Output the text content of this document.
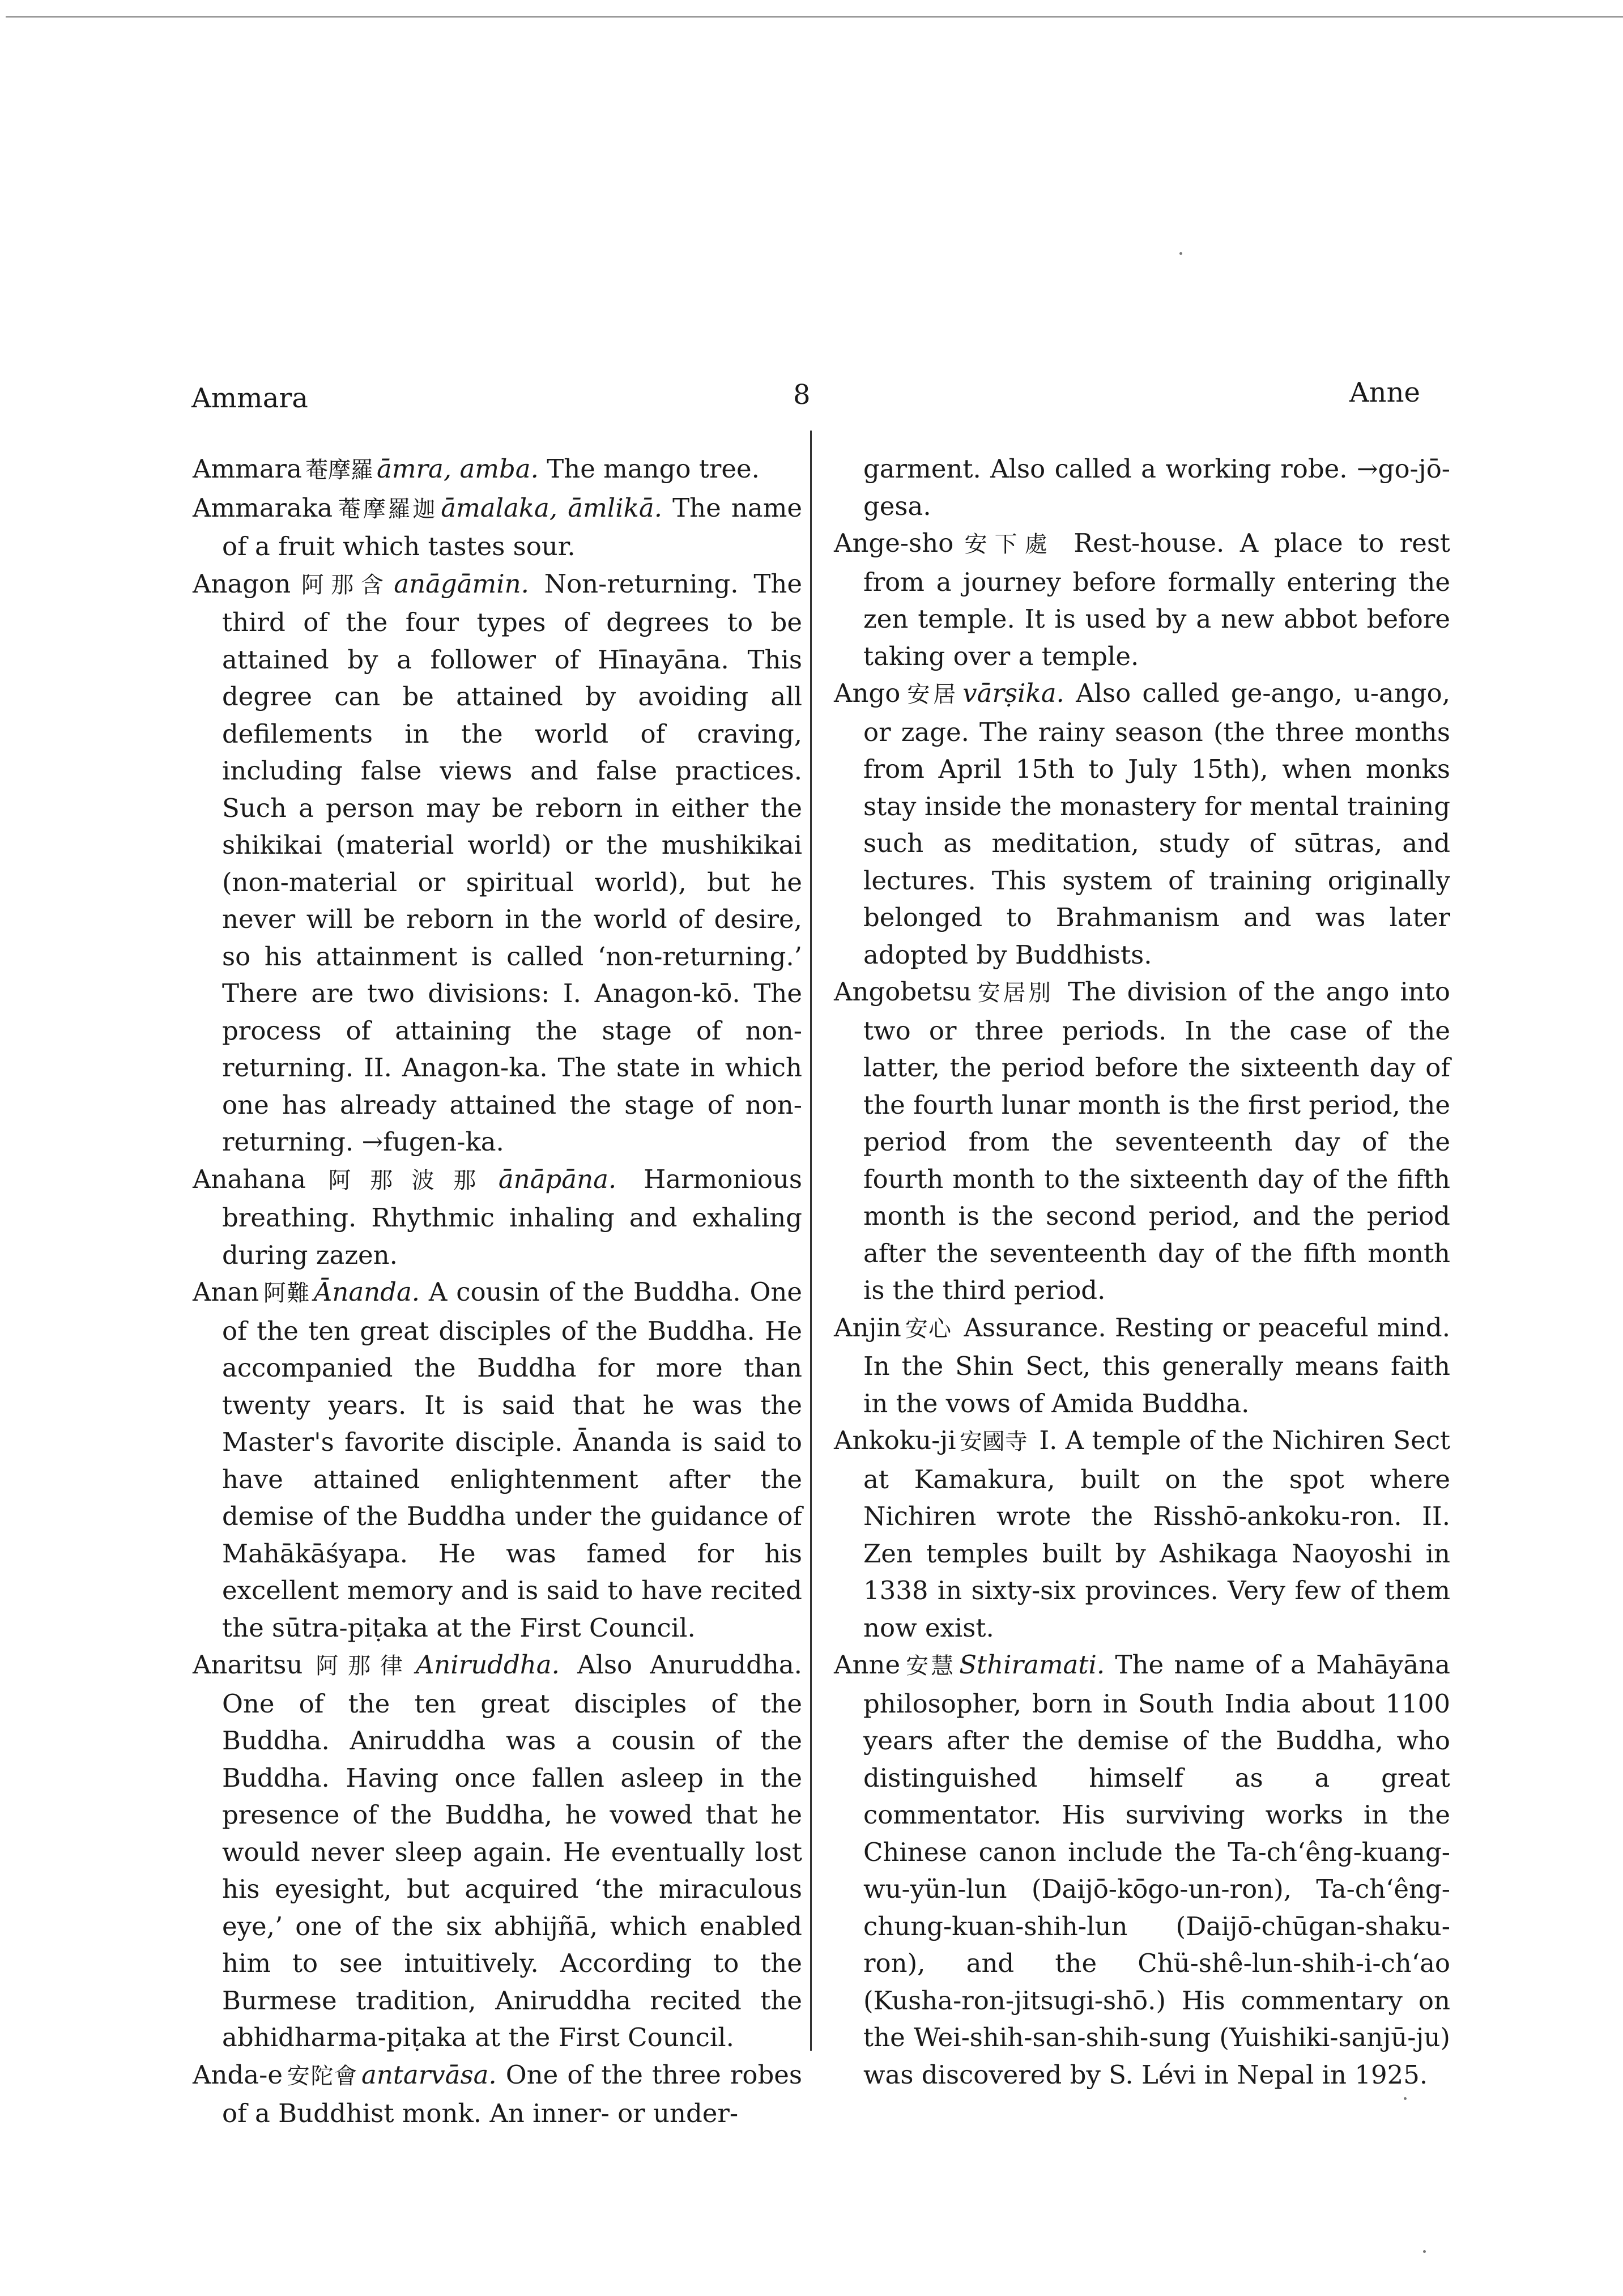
Ammara	8	Anne
Ammara 菴摩羅 āmra, amba. The mango tree.
Ammaraka 菴摩羅迦 āmalaka, āmlikā. The name of a fruit which tastes sour.
Anagon 阿那含 anāgāmin. Non-returning. The third of the four types of degrees to be attained by a follower of Hīnayāna. This degree can be attained by avoiding all defilements in the world of craving, including false views and false practices. Such a person may be reborn in either the shikikai (material world) or the mushikikai (non-material or spiritual world), but he never will be reborn in the world of desire, so his attainment is called ‘non-returning.’ There are two divisions: I. Anagon-kō. The process of attaining the stage of non-returning. II. Anagon-ka. The state in which one has already attained the stage of non-returning. →fugen-ka.
Anahana 阿那波那 ānāpāna. Harmonious breathing. Rhythmic inhaling and exhaling during zazen.
Anan 阿難 Ānanda. A cousin of the Buddha. One of the ten great disciples of the Buddha. He accompanied the Buddha for more than twenty years. It is said that he was the Master's favorite disciple. Ānanda is said to have attained enlightenment after the demise of the Buddha under the guidance of Mahākāśyapa. He was famed for his excellent memory and is said to have recited the sūtra-piṭaka at the First Council.
Anaritsu 阿那律 Aniruddha. Also Anuruddha. One of the ten great disciples of the Buddha. Aniruddha was a cousin of the Buddha. Having once fallen asleep in the presence of the Buddha, he vowed that he would never sleep again. He eventually lost his eyesight, but acquired ‘the miraculous eye,’ one of the six abhijñā, which enabled him to see intuitively. According to the Burmese tradition, Aniruddha recited the abhidharma-piṭaka at the First Council.
Anda-e 安陀會 antarvāsa. One of the three robes of a Buddhist monk. An inner- or under-
garment. Also called a working robe. →go-jō-gesa.
Ange-sho 安下處 Rest-house. A place to rest from a journey before formally entering the zen temple. It is used by a new abbot before taking over a temple.
Ango 安居 vārṣika. Also called ge-ango, u-ango, or zage. The rainy season (the three months from April 15th to July 15th), when monks stay inside the monastery for mental training such as meditation, study of sūtras, and lectures. This system of training originally belonged to Brahmanism and was later adopted by Buddhists.
Angobetsu 安居別 The division of the ango into two or three periods. In the case of the latter, the period before the sixteenth day of the fourth lunar month is the first period, the period from the seventeenth day of the fourth month to the sixteenth day of the fifth month is the second period, and the period after the seventeenth day of the fifth month is the third period.
Anjin 安心 Assurance. Resting or peaceful mind. In the Shin Sect, this generally means faith in the vows of Amida Buddha.
Ankoku-ji 安國寺 I. A temple of the Nichiren Sect at Kamakura, built on the spot where Nichiren wrote the Risshō-ankoku-ron. II. Zen temples built by Ashikaga Naoyoshi in 1338 in sixty-six provinces. Very few of them now exist.
Anne 安慧 Sthiramati. The name of a Mahāyāna philosopher, born in South India about 1100 years after the demise of the Buddha, who distinguished himself as a great commentator. His surviving works in the Chinese canon include the Ta-ch‘êng-kuang-wu-yün-lun (Daijō-kōgo-un-ron), Ta-ch‘êng-chung-kuan-shih-lun (Daijō-chūgan-shaku-ron), and the Chü-shê-lun-shih-i-ch‘ao (Kusha-ron-jitsugi-shō.) His commentary on the Wei-shih-san-shih-sung (Yuishiki-sanjū-ju) was discovered by S. Lévi in Nepal in 1925.
